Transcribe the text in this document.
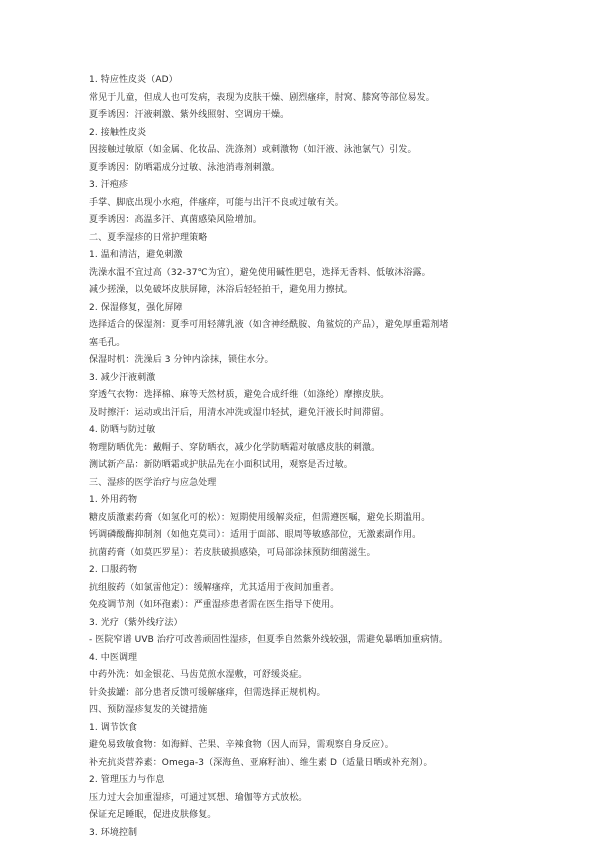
1. 特应性皮炎（AD）
常见于儿童，但成人也可发病，表现为皮肤干燥、剧烈瘙痒，肘窝、膝窝等部位易发。
夏季诱因：汗液刺激、紫外线照射、空调房干燥。
2. 接触性皮炎
因接触过敏原（如金属、化妆品、洗涤剂）或刺激物（如汗液、泳池氯气）引发。
夏季诱因：防晒霜成分过敏、泳池消毒剂刺激。
3. 汗疱疹
手掌、脚底出现小水疱，伴瘙痒，可能与出汗不良或过敏有关。
夏季诱因：高温多汗、真菌感染风险增加。
二、夏季湿疹的日常护理策略
1. 温和清洁，避免刺激
洗澡水温不宜过高（32-37℃为宜），避免使用碱性肥皂，选择无香料、低敏沐浴露。
减少搓澡，以免破坏皮肤屏障，沐浴后轻轻拍干，避免用力擦拭。
2. 保湿修复，强化屏障
选择适合的保湿剂：夏季可用轻薄乳液（如含神经酰胺、角鲨烷的产品），避免厚重霜剂堵
塞毛孔。
保湿时机：洗澡后 3 分钟内涂抹，锁住水分。
3. 减少汗液刺激
穿透气衣物：选择棉、麻等天然材质，避免合成纤维（如涤纶）摩擦皮肤。
及时擦汗：运动或出汗后，用清水冲洗或湿巾轻拭，避免汗液长时间滞留。
4. 防晒与防过敏
物理防晒优先：戴帽子、穿防晒衣，减少化学防晒霜对敏感皮肤的刺激。
测试新产品：新防晒霜或护肤品先在小面积试用，观察是否过敏。
三、湿疹的医学治疗与应急处理
1. 外用药物
糖皮质激素药膏（如氢化可的松）：短期使用缓解炎症，但需遵医嘱，避免长期滥用。
钙调磷酸酶抑制剂（如他克莫司）：适用于面部、眼周等敏感部位，无激素副作用。
抗菌药膏（如莫匹罗星）：若皮肤破损感染，可局部涂抹预防细菌滋生。
2. 口服药物
抗组胺药（如氯雷他定）：缓解瘙痒，尤其适用于夜间加重者。
免疫调节剂（如环孢素）：严重湿疹患者需在医生指导下使用。
3. 光疗（紫外线疗法）
- 医院窄谱 UVB 治疗可改善顽固性湿疹，但夏季自然紫外线较强，需避免暴晒加重病情。
4. 中医调理
中药外洗：如金银花、马齿苋煎水湿敷，可舒缓炎症。
针灸拔罐：部分患者反馈可缓解瘙痒，但需选择正规机构。
四、预防湿疹复发的关键措施
1. 调节饮食
避免易致敏食物：如海鲜、芒果、辛辣食物（因人而异，需观察自身反应）。
补充抗炎营养素：Omega-3（深海鱼、亚麻籽油）、维生素 D（适量日晒或补充剂）。
2. 管理压力与作息
压力过大会加重湿疹，可通过冥想、瑜伽等方式放松。
保证充足睡眠，促进皮肤修复。
3. 环境控制
